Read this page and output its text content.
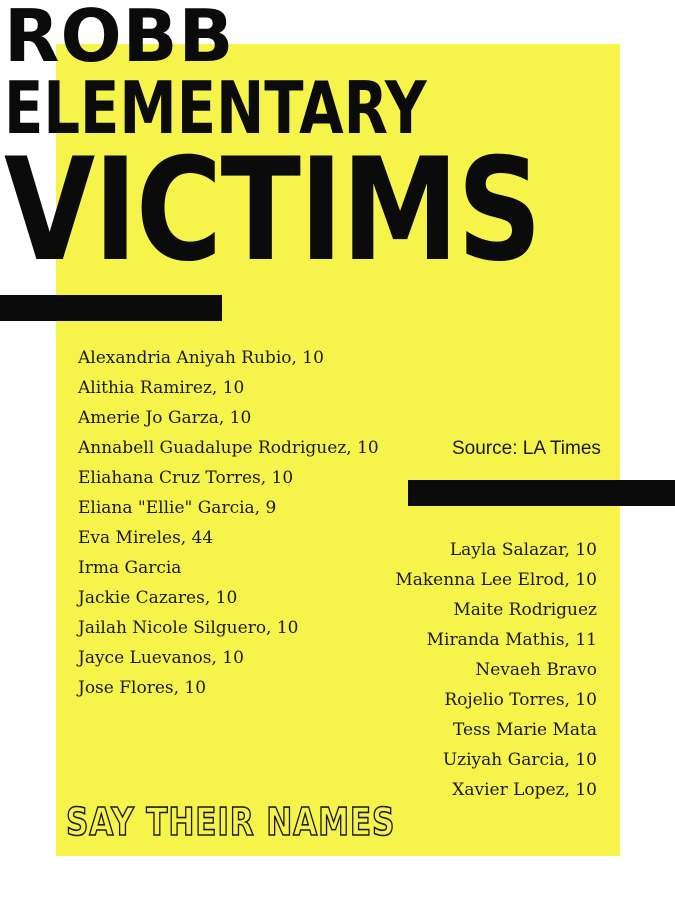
ROBB
ELEMENTARY
VICTIMS
Source: LA Times
Alexandria Aniyah Rubio, 10
Alithia Ramirez, 10
Amerie Jo Garza, 10
Annabell Guadalupe Rodriguez, 10
Eliahana Cruz Torres, 10
Eliana "Ellie" Garcia, 9
Eva Mireles, 44
Irma Garcia
Jackie Cazares, 10
Jailah Nicole Silguero, 10
Jayce Luevanos, 10
Jose Flores, 10
Layla Salazar, 10
Makenna Lee Elrod, 10
Maite Rodriguez
Miranda Mathis, 11
Nevaeh Bravo
Rojelio Torres, 10
Tess Marie Mata
Uziyah Garcia, 10
Xavier Lopez, 10
SAY THEIR NAMES
